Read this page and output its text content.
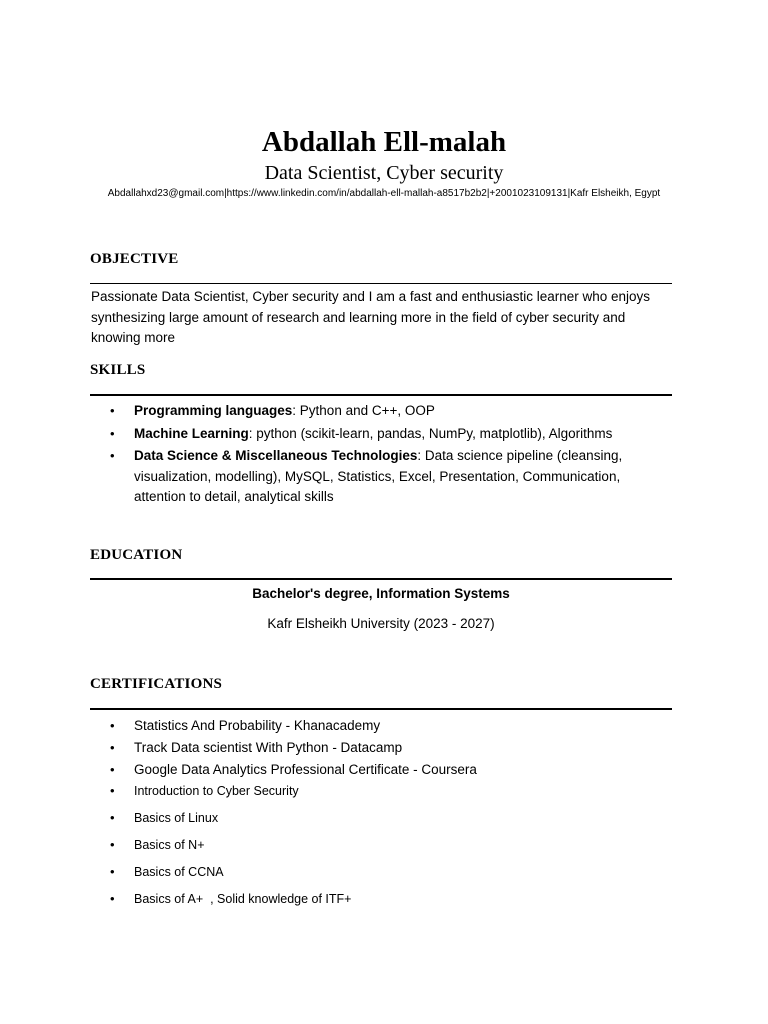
Abdallah Ell-malah
Data Scientist, Cyber security
Abdallahxd23@gmail.com|https://www.linkedin.com/in/abdallah-ell-mallah-a8517b2b2|+2001023109131|Kafr Elsheikh, Egypt
OBJECTIVE
Passionate Data Scientist, Cyber security and I am a fast and enthusiastic learner who enjoys synthesizing large amount of research and learning more in the field of cyber security and knowing more
SKILLS
• Programming languages: Python and C++, OOP
• Machine Learning: python (scikit-learn, pandas, NumPy, matplotlib), Algorithms
• Data Science & Miscellaneous Technologies: Data science pipeline (cleansing, visualization, modelling), MySQL, Statistics, Excel, Presentation, Communication, attention to detail, analytical skills
EDUCATION
Bachelor's degree, Information Systems
Kafr Elsheikh University (2023 - 2027)
CERTIFICATIONS
• Statistics And Probability - Khanacademy
• Track Data scientist With Python - Datacamp
• Google Data Analytics Professional Certificate - Coursera
• Introduction to Cyber Security
• Basics of Linux
• Basics of N+
• Basics of CCNA
• Basics of A+  , Solid knowledge of ITF+
